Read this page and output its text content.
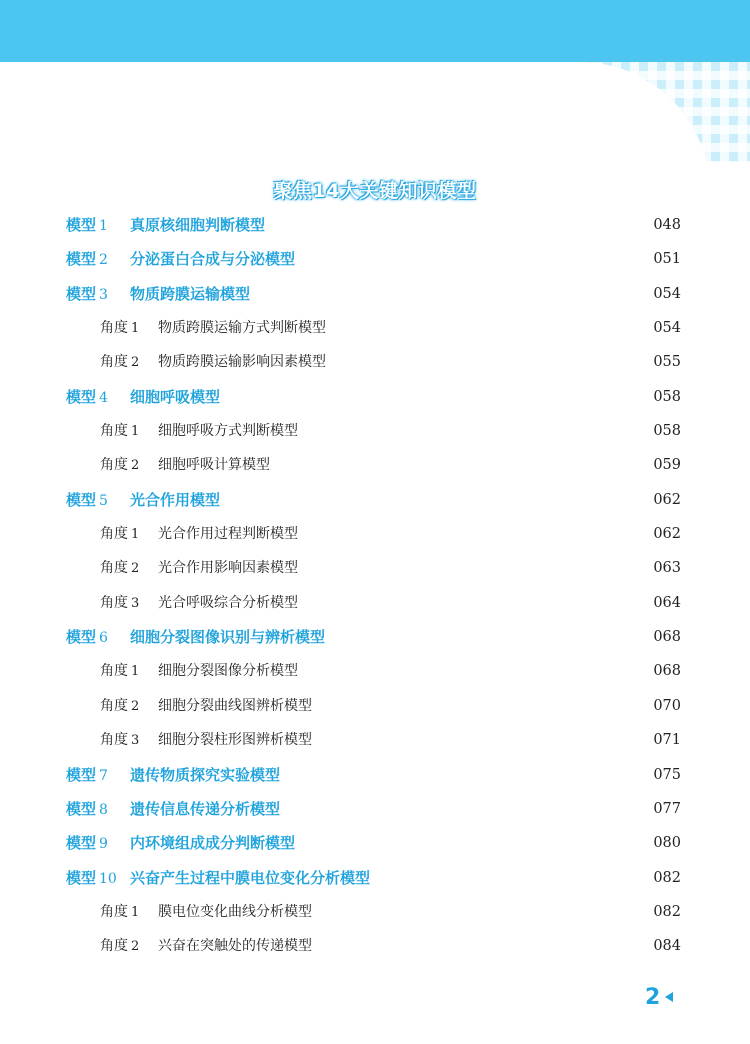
聚焦14大关键知识模型
模型 1 真原核细胞判断模型	048
模型 2 分泌蛋白合成与分泌模型	051
模型 3 物质跨膜运输模型	054
角度 1 物质跨膜运输方式判断模型	054
角度 2 物质跨膜运输影响因素模型	055
模型 4 细胞呼吸模型	058
角度 1 细胞呼吸方式判断模型	058
角度 2 细胞呼吸计算模型	059
模型 5 光合作用模型	062
角度 1 光合作用过程判断模型	062
角度 2 光合作用影响因素模型	063
角度 3 光合呼吸综合分析模型	064
模型 6 细胞分裂图像识别与辨析模型	068
角度 1 细胞分裂图像分析模型	068
角度 2 细胞分裂曲线图辨析模型	070
角度 3 细胞分裂柱形图辨析模型	071
模型 7 遗传物质探究实验模型	075
模型 8 遗传信息传递分析模型	077
模型 9 内环境组成成分判断模型	080
模型 10 兴奋产生过程中膜电位变化分析模型	082
角度 1 膜电位变化曲线分析模型	082
角度 2 兴奋在突触处的传递模型	084
2
